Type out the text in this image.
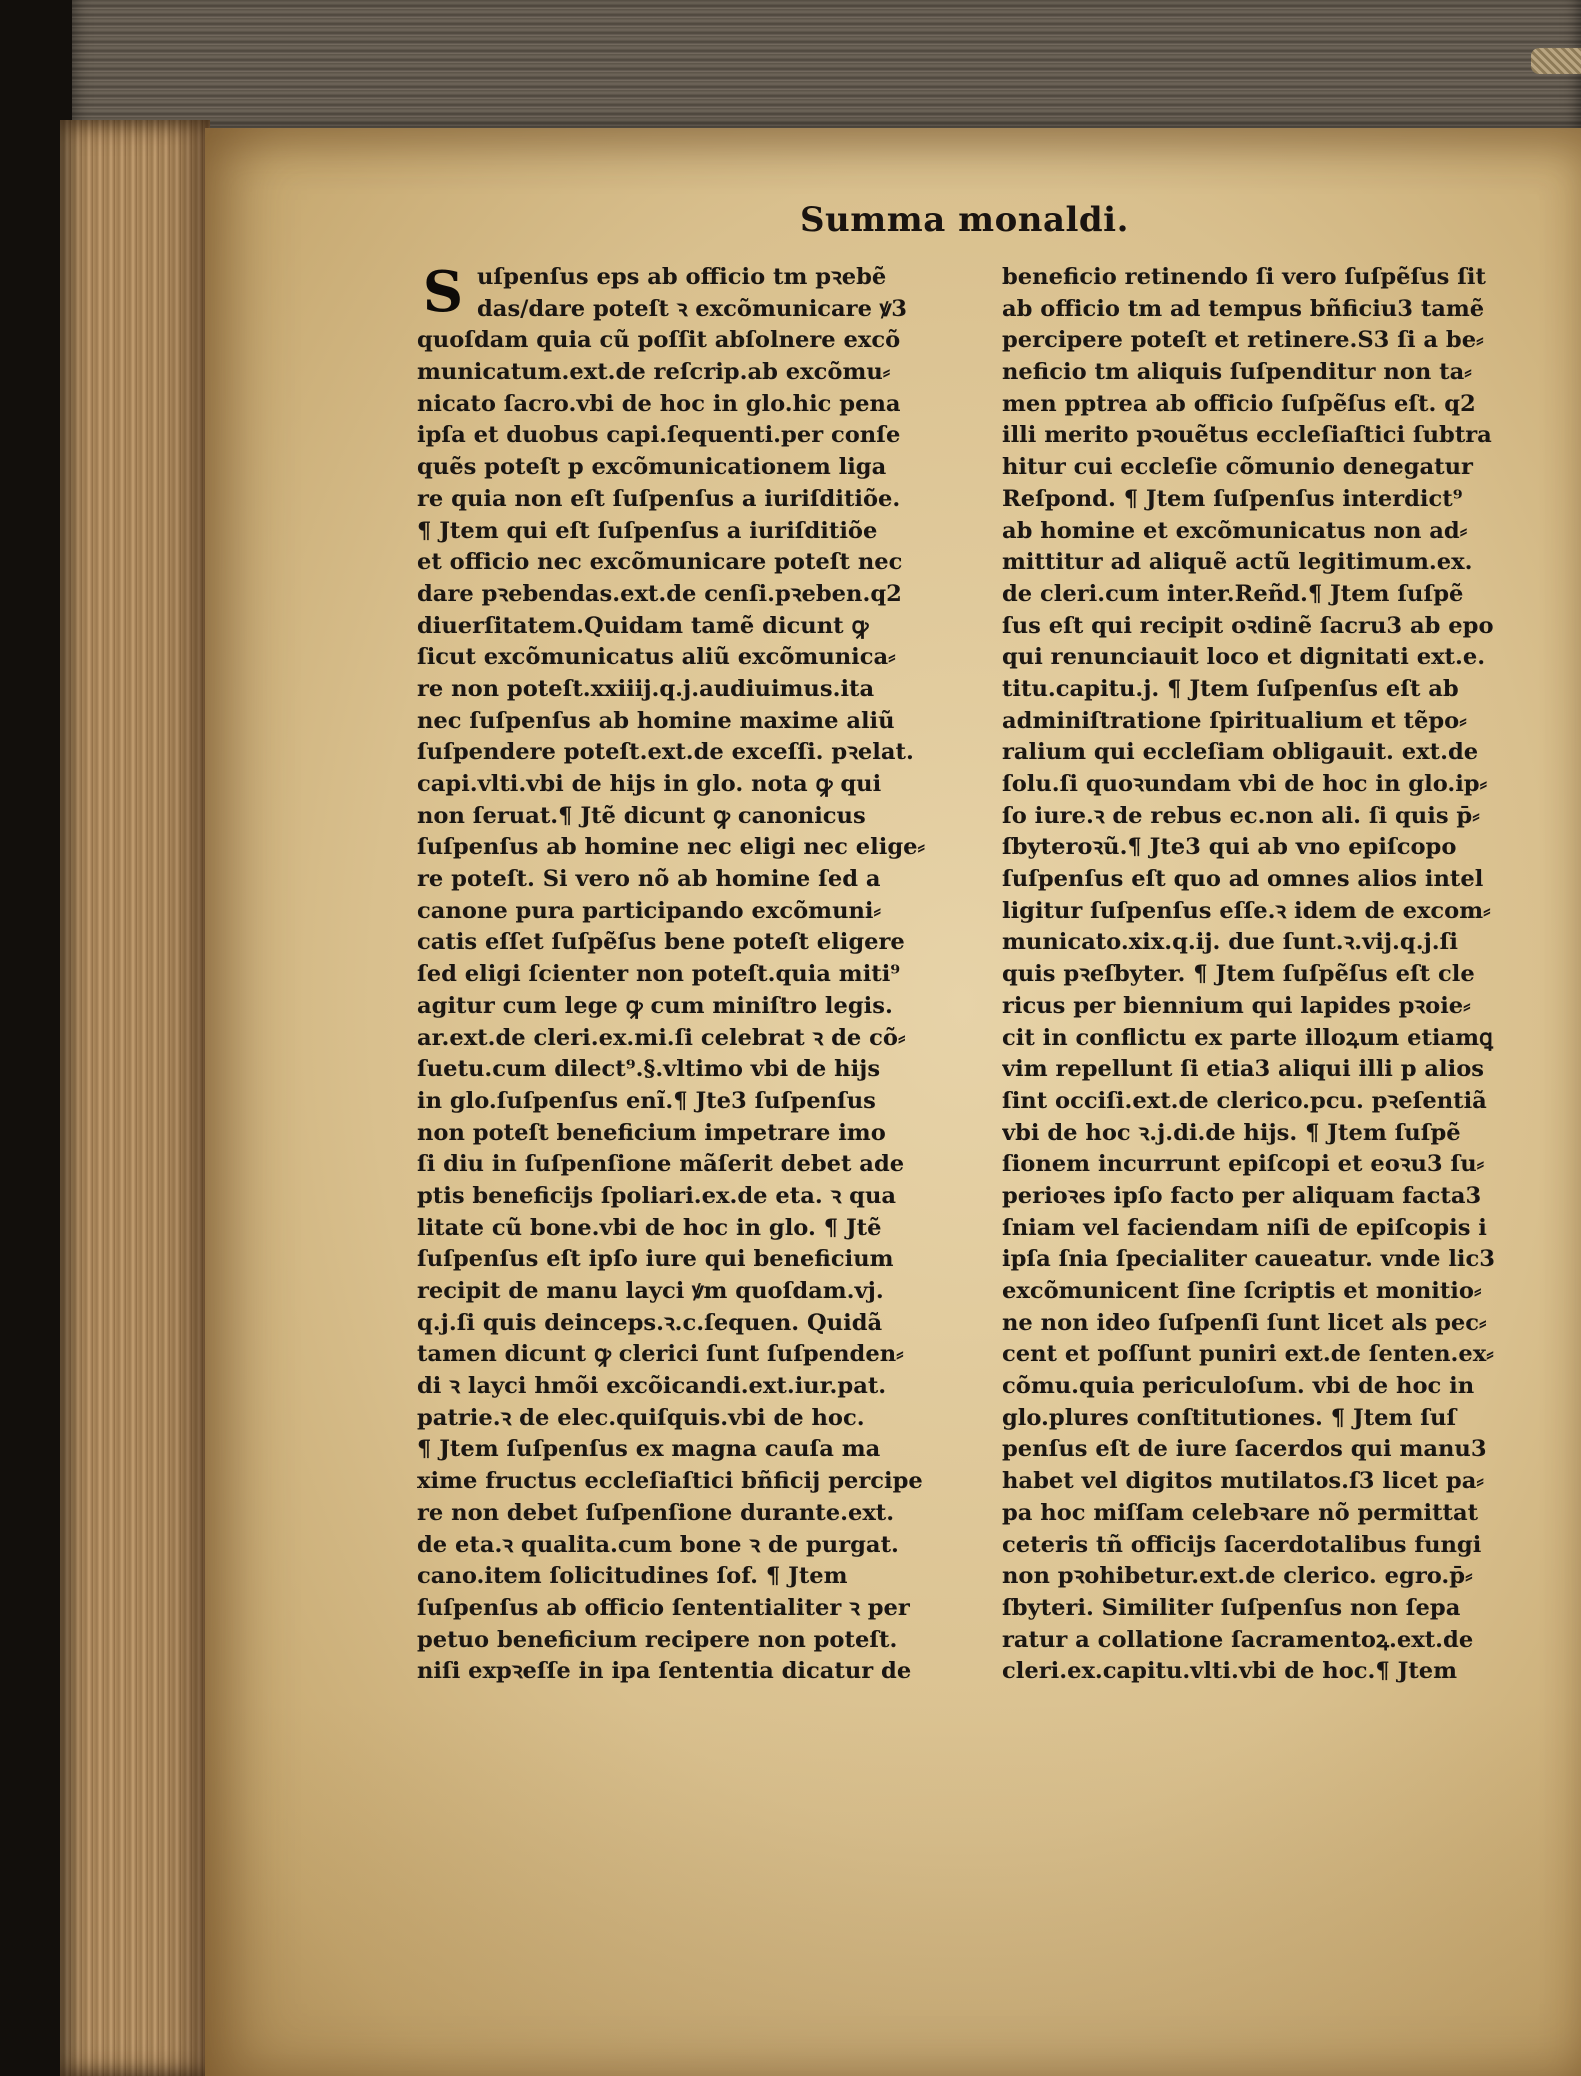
Summa monaldi.
S uſpenſus eps ab officio tm pꝛebẽ
das/dare poteſt ꝛ excõmunicare ꝟ3
quoſdam quia cũ poſſit abſolnere excõ
municatum.ext.de reſcrip.ab excõmu⸗
nicato ſacro.vbi de hoc in glo.hic pena
ipſa et duobus capi.ſequenti.per conſe
quẽs poteſt p excõmunicationem liga
re quia non eſt ſuſpenſus a iuriſditiõe.
¶ Jtem qui eſt ſuſpenſus a iuriſditiõe
et officio nec excõmunicare poteſt nec
dare pꝛebendas.ext.de cenſi.pꝛeben.q2
diuerſitatem.Quidam tamẽ dicunt ꝙ
ſicut excõmunicatus aliũ excõmunica⸗
re non poteſt.xxiiij.q.j.audiuimus.ita
nec ſuſpenſus ab homine maxime aliũ
ſuſpendere poteſt.ext.de exceſſi. pꝛelat.
capi.vlti.vbi de hijs in glo. nota ꝙ qui
non ſeruat.¶ Jtẽ dicunt ꝙ canonicus
ſuſpenſus ab homine nec eligi nec elige⸗
re poteſt. Si vero nõ ab homine ſed a
canone pura participando excõmuni⸗
catis eſſet ſuſpẽſus bene poteſt eligere
ſed eligi ſcienter non poteſt.quia miti⁹
agitur cum lege ꝙ cum miniſtro legis.
ar.ext.de cleri.ex.mi.ſi celebrat ꝛ de cõ⸗
ſuetu.cum dilect⁹.§.vltimo vbi de hijs
in glo.ſuſpenſus enĩ.¶ Jte3 ſuſpenſus
non poteſt beneficium impetrare imo
ſi diu in ſuſpenſione mãſerit debet ade
ptis beneficijs ſpoliari.ex.de eta. ꝛ qua
litate cũ bone.vbi de hoc in glo. ¶ Jtẽ
ſuſpenſus eſt ipſo iure qui beneficium
recipit de manu layci ꝟm quoſdam.vj.
q.j.ſi quis deinceps.ꝛ.c.ſequen. Quidã
tamen dicunt ꝙ clerici ſunt ſuſpenden⸗
di ꝛ layci hmõi excõicandi.ext.iur.pat.
patrie.ꝛ de elec.quiſquis.vbi de hoc.
¶ Jtem ſuſpenſus ex magna cauſa ma
xime fructus eccleſiaſtici bñficij percipe
re non debet ſuſpenſione durante.ext.
de eta.ꝛ qualita.cum bone ꝛ de purgat.
cano.item ſolicitudines ſof. ¶ Jtem
ſuſpenſus ab officio ſententialiter ꝛ per
petuo beneficium recipere non poteſt.
niſi expꝛeſſe in ipa ſententia dicatur de
beneficio retinendo ſi vero ſuſpẽſus ſit
ab officio tm ad tempus bñficiu3 tamẽ
percipere poteſt et retinere.S3 ſi a be⸗
neficio tm aliquis ſuſpenditur non ta⸗
men pptrea ab officio ſuſpẽſus eſt. q2
illi merito pꝛouẽtus eccleſiaſtici ſubtra
hitur cui eccleſie cõmunio denegatur
Reſpond. ¶ Jtem ſuſpenſus interdict⁹
ab homine et excõmunicatus non ad⸗
mittitur ad aliquẽ actũ legitimum.ex.
de cleri.cum inter.Reñd.¶ Jtem ſuſpẽ
ſus eſt qui recipit oꝛdinẽ ſacru3 ab epo
qui renunciauit loco et dignitati ext.e.
titu.capitu.j. ¶ Jtem ſuſpenſus eſt ab
adminiſtratione ſpiritualium et tẽpo⸗
ralium qui eccleſiam obligauit. ext.de
ſolu.ſi quoꝛundam vbi de hoc in glo.ip⸗
ſo iure.ꝛ de rebus ec.non ali. ſi quis p̄⸗
ſbyteroꝛũ.¶ Jte3 qui ab vno epiſcopo
ſuſpenſus eſt quo ad omnes alios intel
ligitur ſuſpenſus eſſe.ꝛ idem de excom⸗
municato.xix.q.ij. due ſunt.ꝛ.vij.q.j.ſi
quis pꝛeſbyter. ¶ Jtem ſuſpẽſus eſt cle
ricus per biennium qui lapides pꝛoie⸗
cit in conflictu ex parte illoꝝum etiamꝗ
vim repellunt ſi etia3 aliqui illi p alios
ſint occiſi.ext.de clerico.pcu. pꝛeſentiã
vbi de hoc ꝛ.j.di.de hijs. ¶ Jtem ſuſpẽ
ſionem incurrunt epiſcopi et eoꝛu3 ſu⸗
perioꝛes ipſo facto per aliquam facta3
ſniam vel faciendam niſi de epiſcopis i
ipſa ſnia ſpecialiter caueatur. vnde lic3
excõmunicent ſine ſcriptis et monitio⸗
ne non ideo ſuſpenſi ſunt licet als pec⸗
cent et poſſunt puniri ext.de ſenten.ex⸗
cõmu.quia periculoſum. vbi de hoc in
glo.plures conſtitutiones. ¶ Jtem ſuſ
penſus eſt de iure ſacerdos qui manu3
habet vel digitos mutilatos.ſ3 licet pa⸗
pa hoc miſſam celebꝛare nõ permittat
ceteris tñ officijs ſacerdotalibus fungi
non pꝛohibetur.ext.de clerico. egro.p̄⸗
ſbyteri. Similiter ſuſpenſus non ſepa
ratur a collatione ſacramentoꝝ.ext.de
cleri.ex.capitu.vlti.vbi de hoc.¶ Jtem
